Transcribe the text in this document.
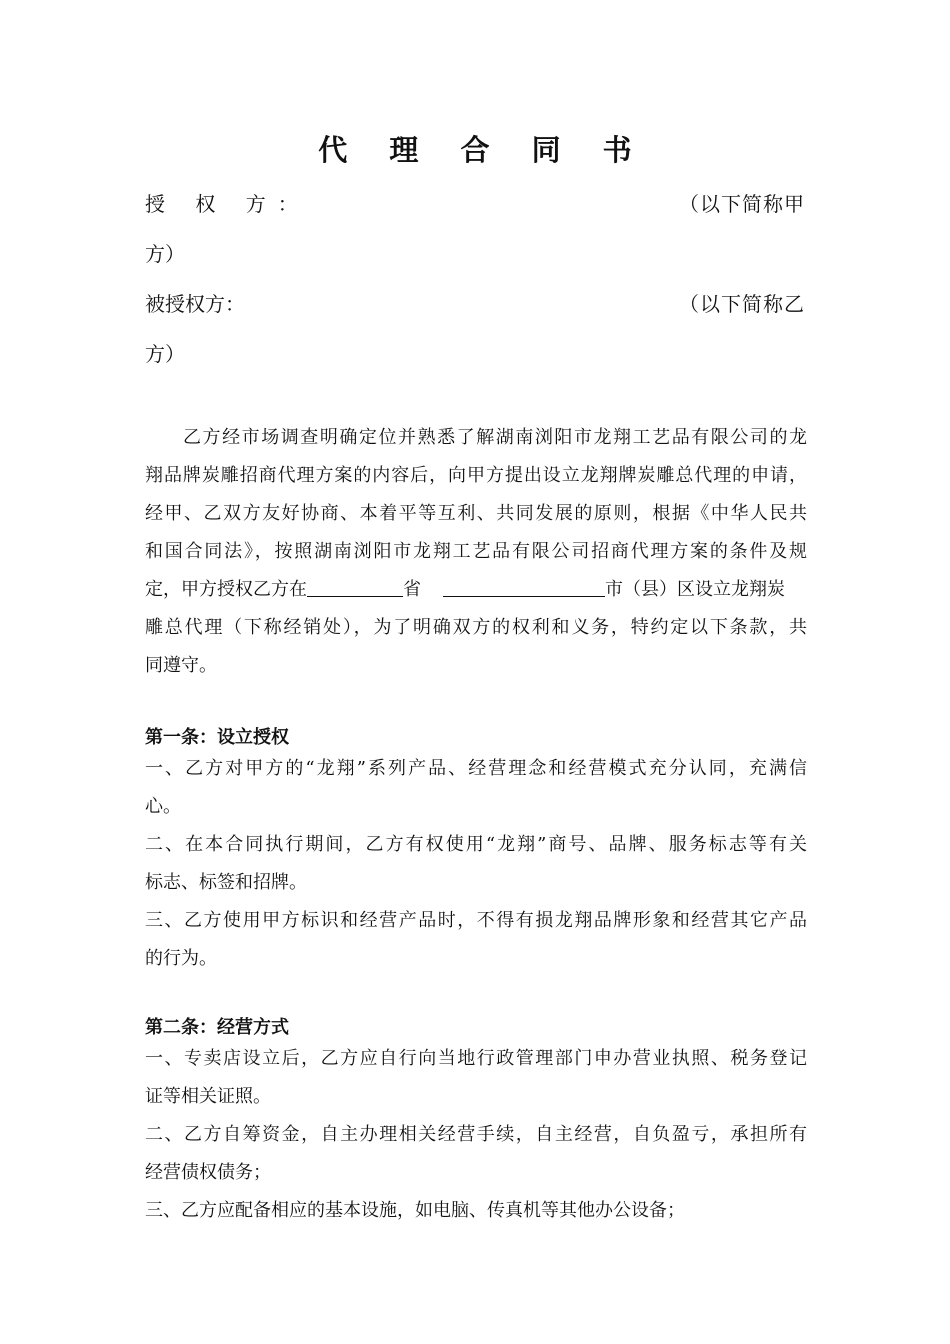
代 理 合 同 书
授 权 方：	（以下简称甲
方）
被授权方：	（以下简称乙
方）
乙方经市场调查明确定位并熟悉了解湖南浏阳市龙翔工艺品有限公司的龙
翔品牌炭雕招商代理方案的内容后，向甲方提出设立龙翔牌炭雕总代理的申请，
经甲、乙双方友好协商、本着平等互利、共同发展的原则，根据《中华人民共
和国合同法》，按照湖南浏阳市龙翔工艺品有限公司招商代理方案的条件及规
定，甲方授权乙方在	省	市（县）区设立龙翔炭
雕总代理（下称经销处），为了明确双方的权利和义务，特约定以下条款，共
同遵守。
第一条：设立授权
一、乙方对甲方的“龙翔”系列产品、经营理念和经营模式充分认同，充满信
心。
二、在本合同执行期间，乙方有权使用“龙翔”商号、品牌、服务标志等有关
标志、标签和招牌。
三、乙方使用甲方标识和经营产品时，不得有损龙翔品牌形象和经营其它产品
的行为。
第二条：经营方式
一、专卖店设立后，乙方应自行向当地行政管理部门申办营业执照、税务登记
证等相关证照。
二、乙方自筹资金，自主办理相关经营手续，自主经营，自负盈亏，承担所有
经营债权债务；
三、乙方应配备相应的基本设施，如电脑、传真机等其他办公设备；
